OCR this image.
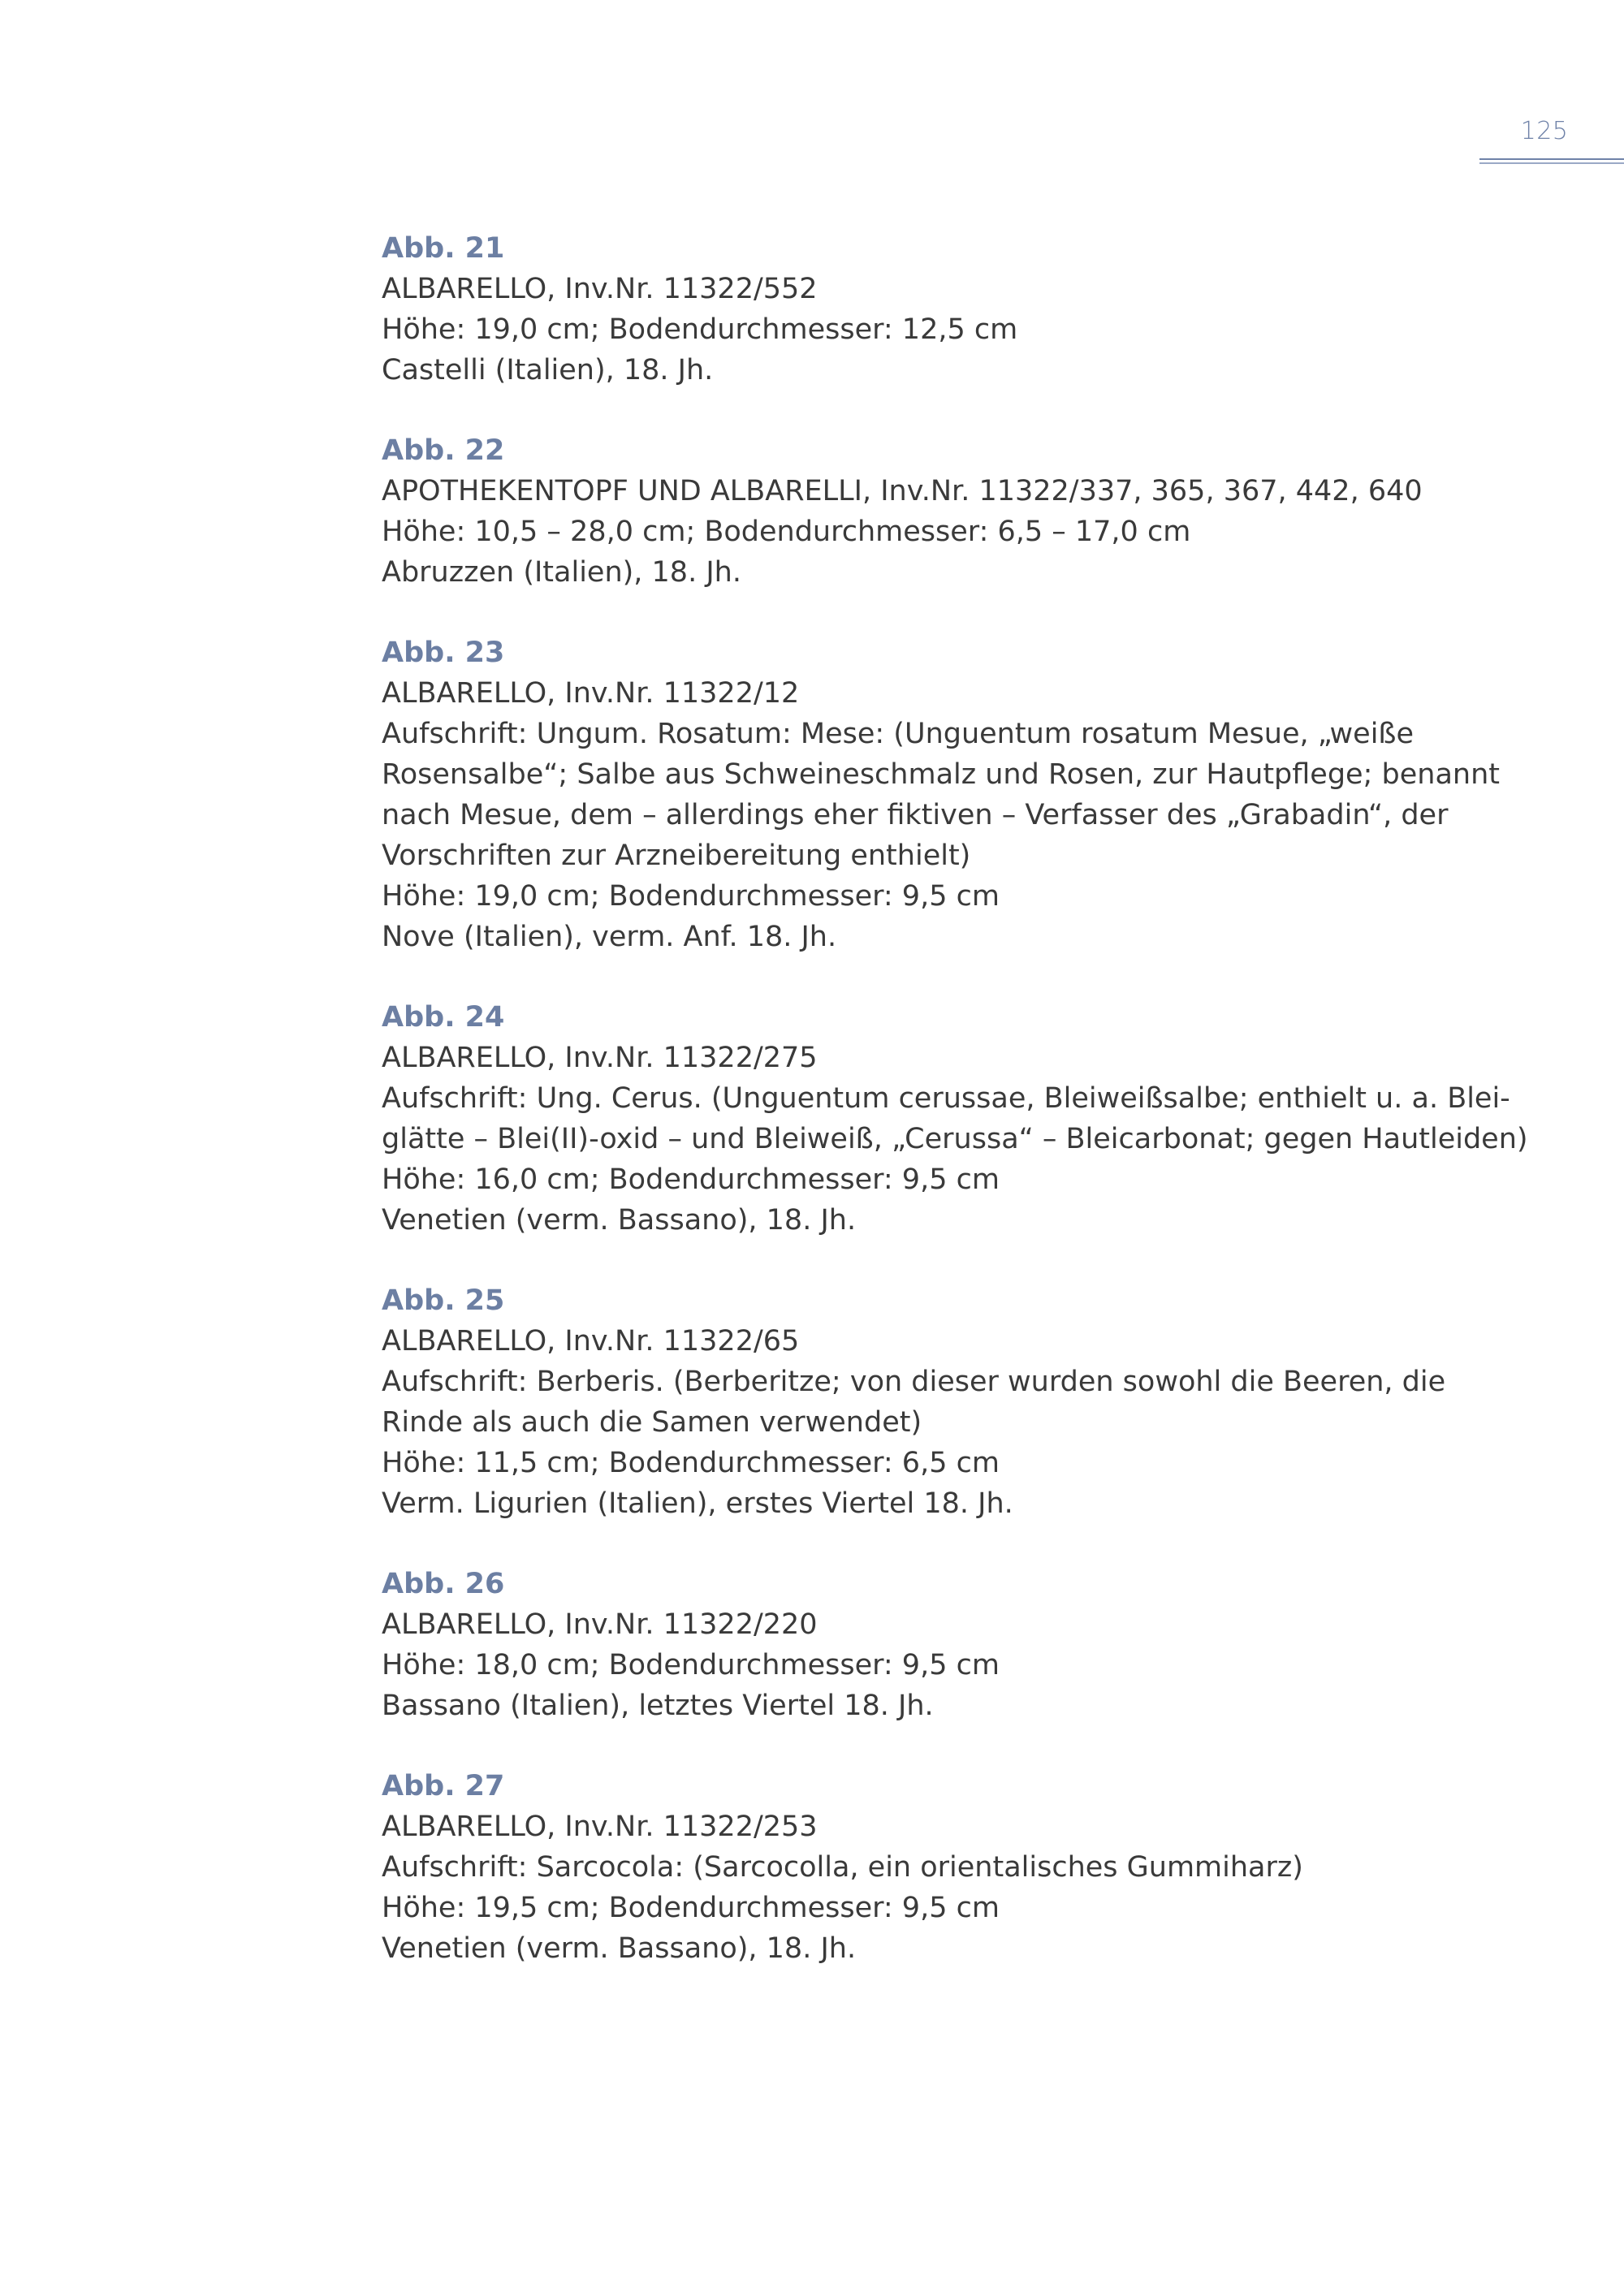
125
Abb. 21
ALBARELLO, Inv.Nr. 11322/552
Höhe: 19,0 cm; Bodendurchmesser: 12,5 cm
Castelli (Italien), 18. Jh.
Abb. 22
APOTHEKENTOPF UND ALBARELLI, Inv.Nr. 11322/337, 365, 367, 442, 640
Höhe: 10,5 – 28,0 cm; Bodendurchmesser: 6,5 – 17,0 cm
Abruzzen (Italien), 18. Jh.
Abb. 23
ALBARELLO, Inv.Nr. 11322/12
Aufschrift: Ungum. Rosatum: Mese: (Unguentum rosatum Mesue, „weiße
Rosensalbe“; Salbe aus Schweineschmalz und Rosen, zur Hautpflege; benannt
nach Mesue, dem – allerdings eher fiktiven – Verfasser des „Grabadin“, der
Vorschriften zur Arzneibereitung enthielt)
Höhe: 19,0 cm; Bodendurchmesser: 9,5 cm
Nove (Italien), verm. Anf. 18. Jh.
Abb. 24
ALBARELLO, Inv.Nr. 11322/275
Aufschrift: Ung. Cerus. (Unguentum cerussae, Bleiweißsalbe; enthielt u. a. Blei-
glätte – Blei(II)-oxid – und Bleiweiß, „Cerussa“ – Bleicarbonat; gegen Hautleiden)
Höhe: 16,0 cm; Bodendurchmesser: 9,5 cm
Venetien (verm. Bassano), 18. Jh.
Abb. 25
ALBARELLO, Inv.Nr. 11322/65
Aufschrift: Berberis. (Berberitze; von dieser wurden sowohl die Beeren, die
Rinde als auch die Samen verwendet)
Höhe: 11,5 cm; Bodendurchmesser: 6,5 cm
Verm. Ligurien (Italien), erstes Viertel 18. Jh.
Abb. 26
ALBARELLO, Inv.Nr. 11322/220
Höhe: 18,0 cm; Bodendurchmesser: 9,5 cm
Bassano (Italien), letztes Viertel 18. Jh.
Abb. 27
ALBARELLO, Inv.Nr. 11322/253
Aufschrift: Sarcocola: (Sarcocolla, ein orientalisches Gummiharz)
Höhe: 19,5 cm; Bodendurchmesser: 9,5 cm
Venetien (verm. Bassano), 18. Jh.
